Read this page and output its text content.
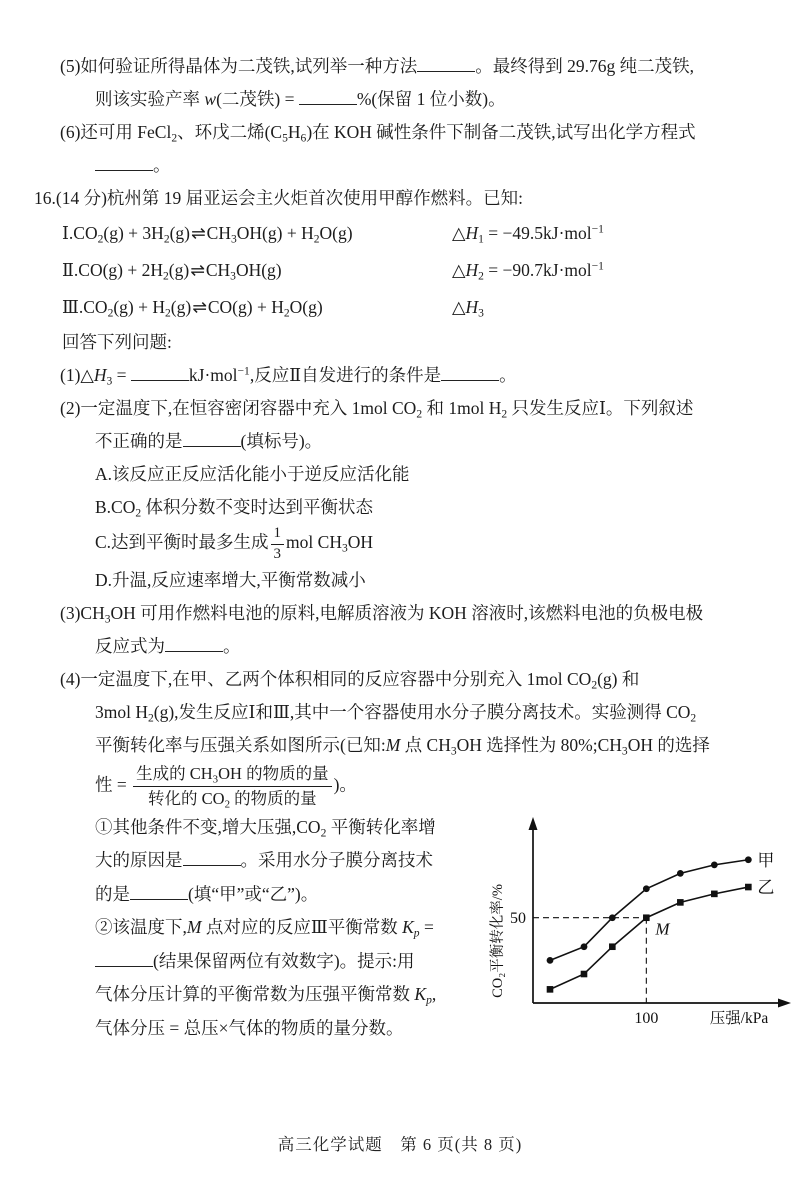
(5)如何验证所得晶体为二茂铁,试列举一种方法	。最终得到 29.76g 纯二茂铁,

则该实验产率 w(二茂铁) =	%(保留 1 位小数)。

(6)还可用 FeCl$_2$、环戊二烯$(C_5H_6)$在 KOH 碱性条件下制备二茂铁,试写出化学方程式

。

16.(14 分)杭州第 19 届亚运会主火炬首次使用甲醇作燃料。已知:

$Ⅰ.CO_2(g)$ + $3H_2(g)\rightleftharpoons CH_3OH(g) + H_2O(g)$	$\triangle H_1 = -49.5kJ\cdot mol^{-1}$
Ⅱ.CO(g) + $2H_2(g)\rightleftharpoons CH_3OH(g)$	$\triangle H_2 = -90.7kJ\cdot mol^{-1}$
$Ⅲ.CO_2(g)$ + $H_2(g)\rightleftharpoons CO(g) + H_2O(g)$	$\triangle H_3$

回答下列问题:

$(1)\triangle H_3$ =	kJ·mol$^{-1}$,反应Ⅱ自发进行的条件是	。

(2)一定温度下,在恒容密闭容器中充入 1mol $CO_2$ 和 1mol $H_2$ 只发生反应Ⅰ。下列叙述

不正确的是	(填标号)。

A.该反应正反应活化能小于逆反应活化能

$B.CO_2$ 体积分数不变时达到平衡状态

C.达到平衡时最多生成 $\frac{1}{3}$ mol $CH_3OH$

D.升温,反应速率增大,平衡常数减小

$(3)CH_3OH$ 可用作燃料电池的原料,电解质溶液为 KOH 溶液时,该燃料电池的负极电极

反应式为	。

(4)一定温度下,在甲、乙两个体积相同的反应容器中分别充入 1mol $CO_2(g)$ 和

3mol $H_2(g)$,发生反应Ⅰ和Ⅲ,其中一个容器使用水分子膜分离技术。实验测得 $CO_2$

平衡转化率与压强关系如图所示(已知:M 点 $CH_3OH$ 选择性为 $80\%;CH_3OH$ 的选择

性 = $\frac{生成的 CH_3OH 的物质的量}{转化的 CO_2 的物质的量}$ )。

①其他条件不变,增大压强$,CO_2$ 平衡转化率增

大的原因是	。采用水分子膜分离技术

的是	(填“甲”或“乙”)。

②该温度下,M 点对应的反应Ⅲ平衡常数 $K_p$ =

(结果保留两位有效数字)。提示:用

气体分压计算的平衡常数为压强平衡常数 $K_p$,

气体分压 = 总压×气体的物质的量分数。

50
100	压强/kPa
CO₂平衡转化率/%
甲
乙
M
高三化学试题　第 6 页(共 8 页)
